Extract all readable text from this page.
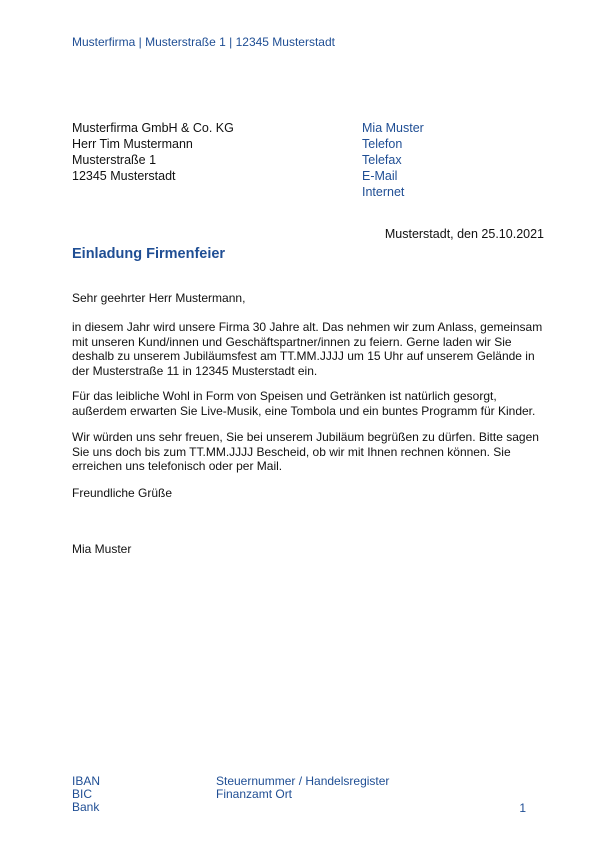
Musterfirma | Musterstraße 1 | 12345 Musterstadt
Musterfirma GmbH & Co. KG
Herr Tim Mustermann
Musterstraße 1
12345 Musterstadt
Mia Muster
Telefon
Telefax
E-Mail
Internet
Musterstadt, den 25.10.2021
Einladung Firmenfeier

Sehr geehrter Herr Mustermann,

in diesem Jahr wird unsere Firma 30 Jahre alt. Das nehmen wir zum Anlass, gemeinsam mit unseren Kund/innen und Geschäftspartner/innen zu feiern. Gerne laden wir Sie deshalb zu unserem Jubiläumsfest am TT.MM.JJJJ um 15 Uhr auf unserem Gelände in der Musterstraße 11 in 12345 Musterstadt ein.

Für das leibliche Wohl in Form von Speisen und Getränken ist natürlich gesorgt, außerdem erwarten Sie Live-Musik, eine Tombola und ein buntes Programm für Kinder.

Wir würden uns sehr freuen, Sie bei unserem Jubiläum begrüßen zu dürfen. Bitte sagen Sie uns doch bis zum TT.MM.JJJJ Bescheid, ob wir mit Ihnen rechnen können. Sie erreichen uns telefonisch oder per Mail.

Freundliche Grüße

Mia Muster

IBAN
BIC
Bank
Steuernummer / Handelsregister
Finanzamt Ort
1
